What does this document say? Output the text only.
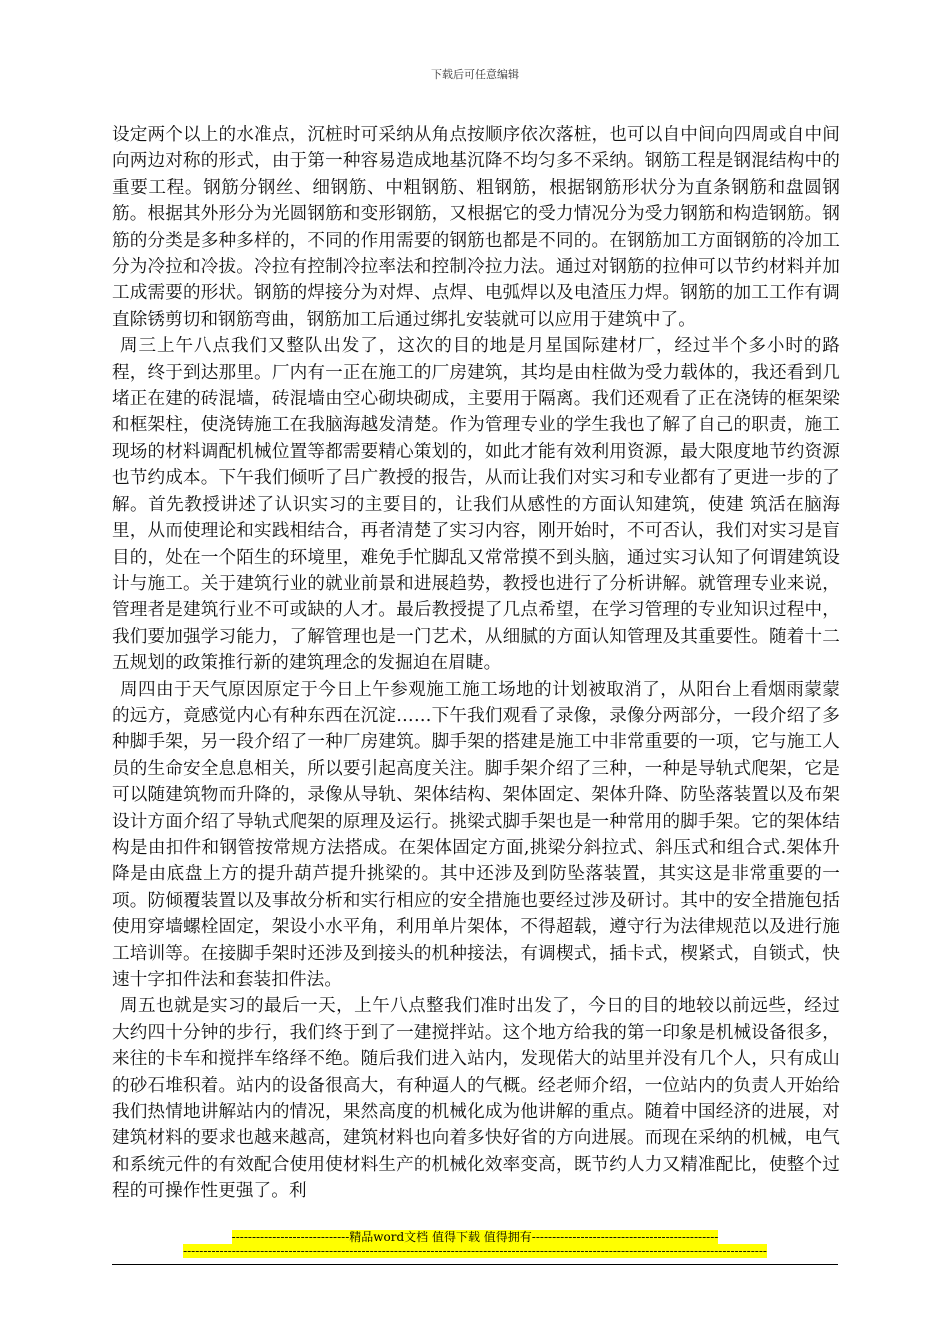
下载后可任意编辑

设定两个以上的水准点，沉桩时可采纳从角点按顺序依次落桩，也可以自中间向四周或自中间向两边对称的形式，由于第一种容易造成地基沉降不均匀多不采纳。钢筋工程是钢混结构中的重要工程。钢筋分钢丝、细钢筋、中粗钢筋、粗钢筋，根据钢筋形状分为直条钢筋和盘圆钢筋。根据其外形分为光圆钢筋和变形钢筋，又根据它的受力情况分为受力钢筋和构造钢筋。钢筋的分类是多种多样的，不同的作用需要的钢筋也都是不同的。在钢筋加工方面钢筋的冷加工分为冷拉和冷拔。冷拉有控制冷拉率法和控制冷拉力法。通过对钢筋的拉伸可以节约材料并加工成需要的形状。钢筋的焊接分为对焊、点焊、电弧焊以及电渣压力焊。钢筋的加工工作有调直除锈剪切和钢筋弯曲，钢筋加工后通过绑扎安装就可以应用于建筑中了。

周三上午八点我们又整队出发了，这次的目的地是月星国际建材厂，经过半个多小时的路程，终于到达那里。厂内有一正在施工的厂房建筑，其均是由柱做为受力载体的，我还看到几堵正在建的砖混墙，砖混墙由空心砌块砌成，主要用于隔离。我们还观看了正在浇铸的框架梁和框架柱，使浇铸施工在我脑海越发清楚。作为管理专业的学生我也了解了自己的职责，施工现场的材料调配机械位置等都需要精心策划的，如此才能有效利用资源，最大限度地节约资源也节约成本。下午我们倾听了吕广教授的报告，从而让我们对实习和专业都有了更进一步的了解。首先教授讲述了认识实习的主要目的，让我们从感性的方面认知建筑，使建 筑活在脑海里，从而使理论和实践相结合，再者清楚了实习内容，刚开始时，不可否认，我们对实习是盲目的，处在一个陌生的环境里，难免手忙脚乱又常常摸不到头脑，通过实习认知了何谓建筑设计与施工。关于建筑行业的就业前景和进展趋势，教授也进行了分析讲解。就管理专业来说，管理者是建筑行业不可或缺的人才。最后教授提了几点希望，在学习管理的专业知识过程中，我们要加强学习能力，了解管理也是一门艺术，从细腻的方面认知管理及其重要性。随着十二五规划的政策推行新的建筑理念的发掘迫在眉睫。

周四由于天气原因原定于今日上午参观施工施工场地的计划被取消了，从阳台上看烟雨蒙蒙的远方，竟感觉内心有种东西在沉淀……下午我们观看了录像，录像分两部分，一段介绍了多种脚手架，另一段介绍了一种厂房建筑。脚手架的搭建是施工中非常重要的一项，它与施工人员的生命安全息息相关，所以要引起高度关注。脚手架介绍了三种，一种是导轨式爬架，它是可以随建筑物而升降的，录像从导轨、架体结构、架体固定、架体升降、防坠落装置以及布架设计方面介绍了导轨式爬架的原理及运行。挑梁式脚手架也是一种常用的脚手架。它的架体结构是由扣件和钢管按常规方法搭成。在架体固定方面,挑梁分斜拉式、斜压式和组合式.架体升降是由底盘上方的提升葫芦提升挑梁的。其中还涉及到防坠落装置，其实这是非常重要的一项。防倾覆装置以及事故分析和实行相应的安全措施也要经过涉及研讨。其中的安全措施包括使用穿墙螺栓固定，架设小水平角，利用单片架体，不得超载，遵守行为法律规范以及进行施工培训等。在接脚手架时还涉及到接头的机种接法，有调楔式，插卡式，楔紧式，自锁式，快速十字扣件法和套装扣件法。

周五也就是实习的最后一天，上午八点整我们准时出发了，今日的目的地较以前远些，经过大约四十分钟的步行，我们终于到了一建搅拌站。这个地方给我的第一印象是机械设备很多，来往的卡车和搅拌车络绎不绝。随后我们进入站内，发现偌大的站里并没有几个人，只有成山的砂石堆积着。站内的设备很高大，有种逼人的气概。经老师介绍，一位站内的负责人开始给我们热情地讲解站内的情况，果然高度的机械化成为他讲解的重点。随着中国经济的进展，对建筑材料的要求也越来越高，建筑材料也向着多快好省的方向进展。而现在采纳的机械，电气和系统元件的有效配合使用使材料生产的机械化效率变高，既节约人力又精准配比，使整个过程的可操作性更强了。利

-----------------------------精品word文档 值得下载 值得拥有----------------------------------------------
------------------------------------------------------------------------------------------------------------------------------------------------
